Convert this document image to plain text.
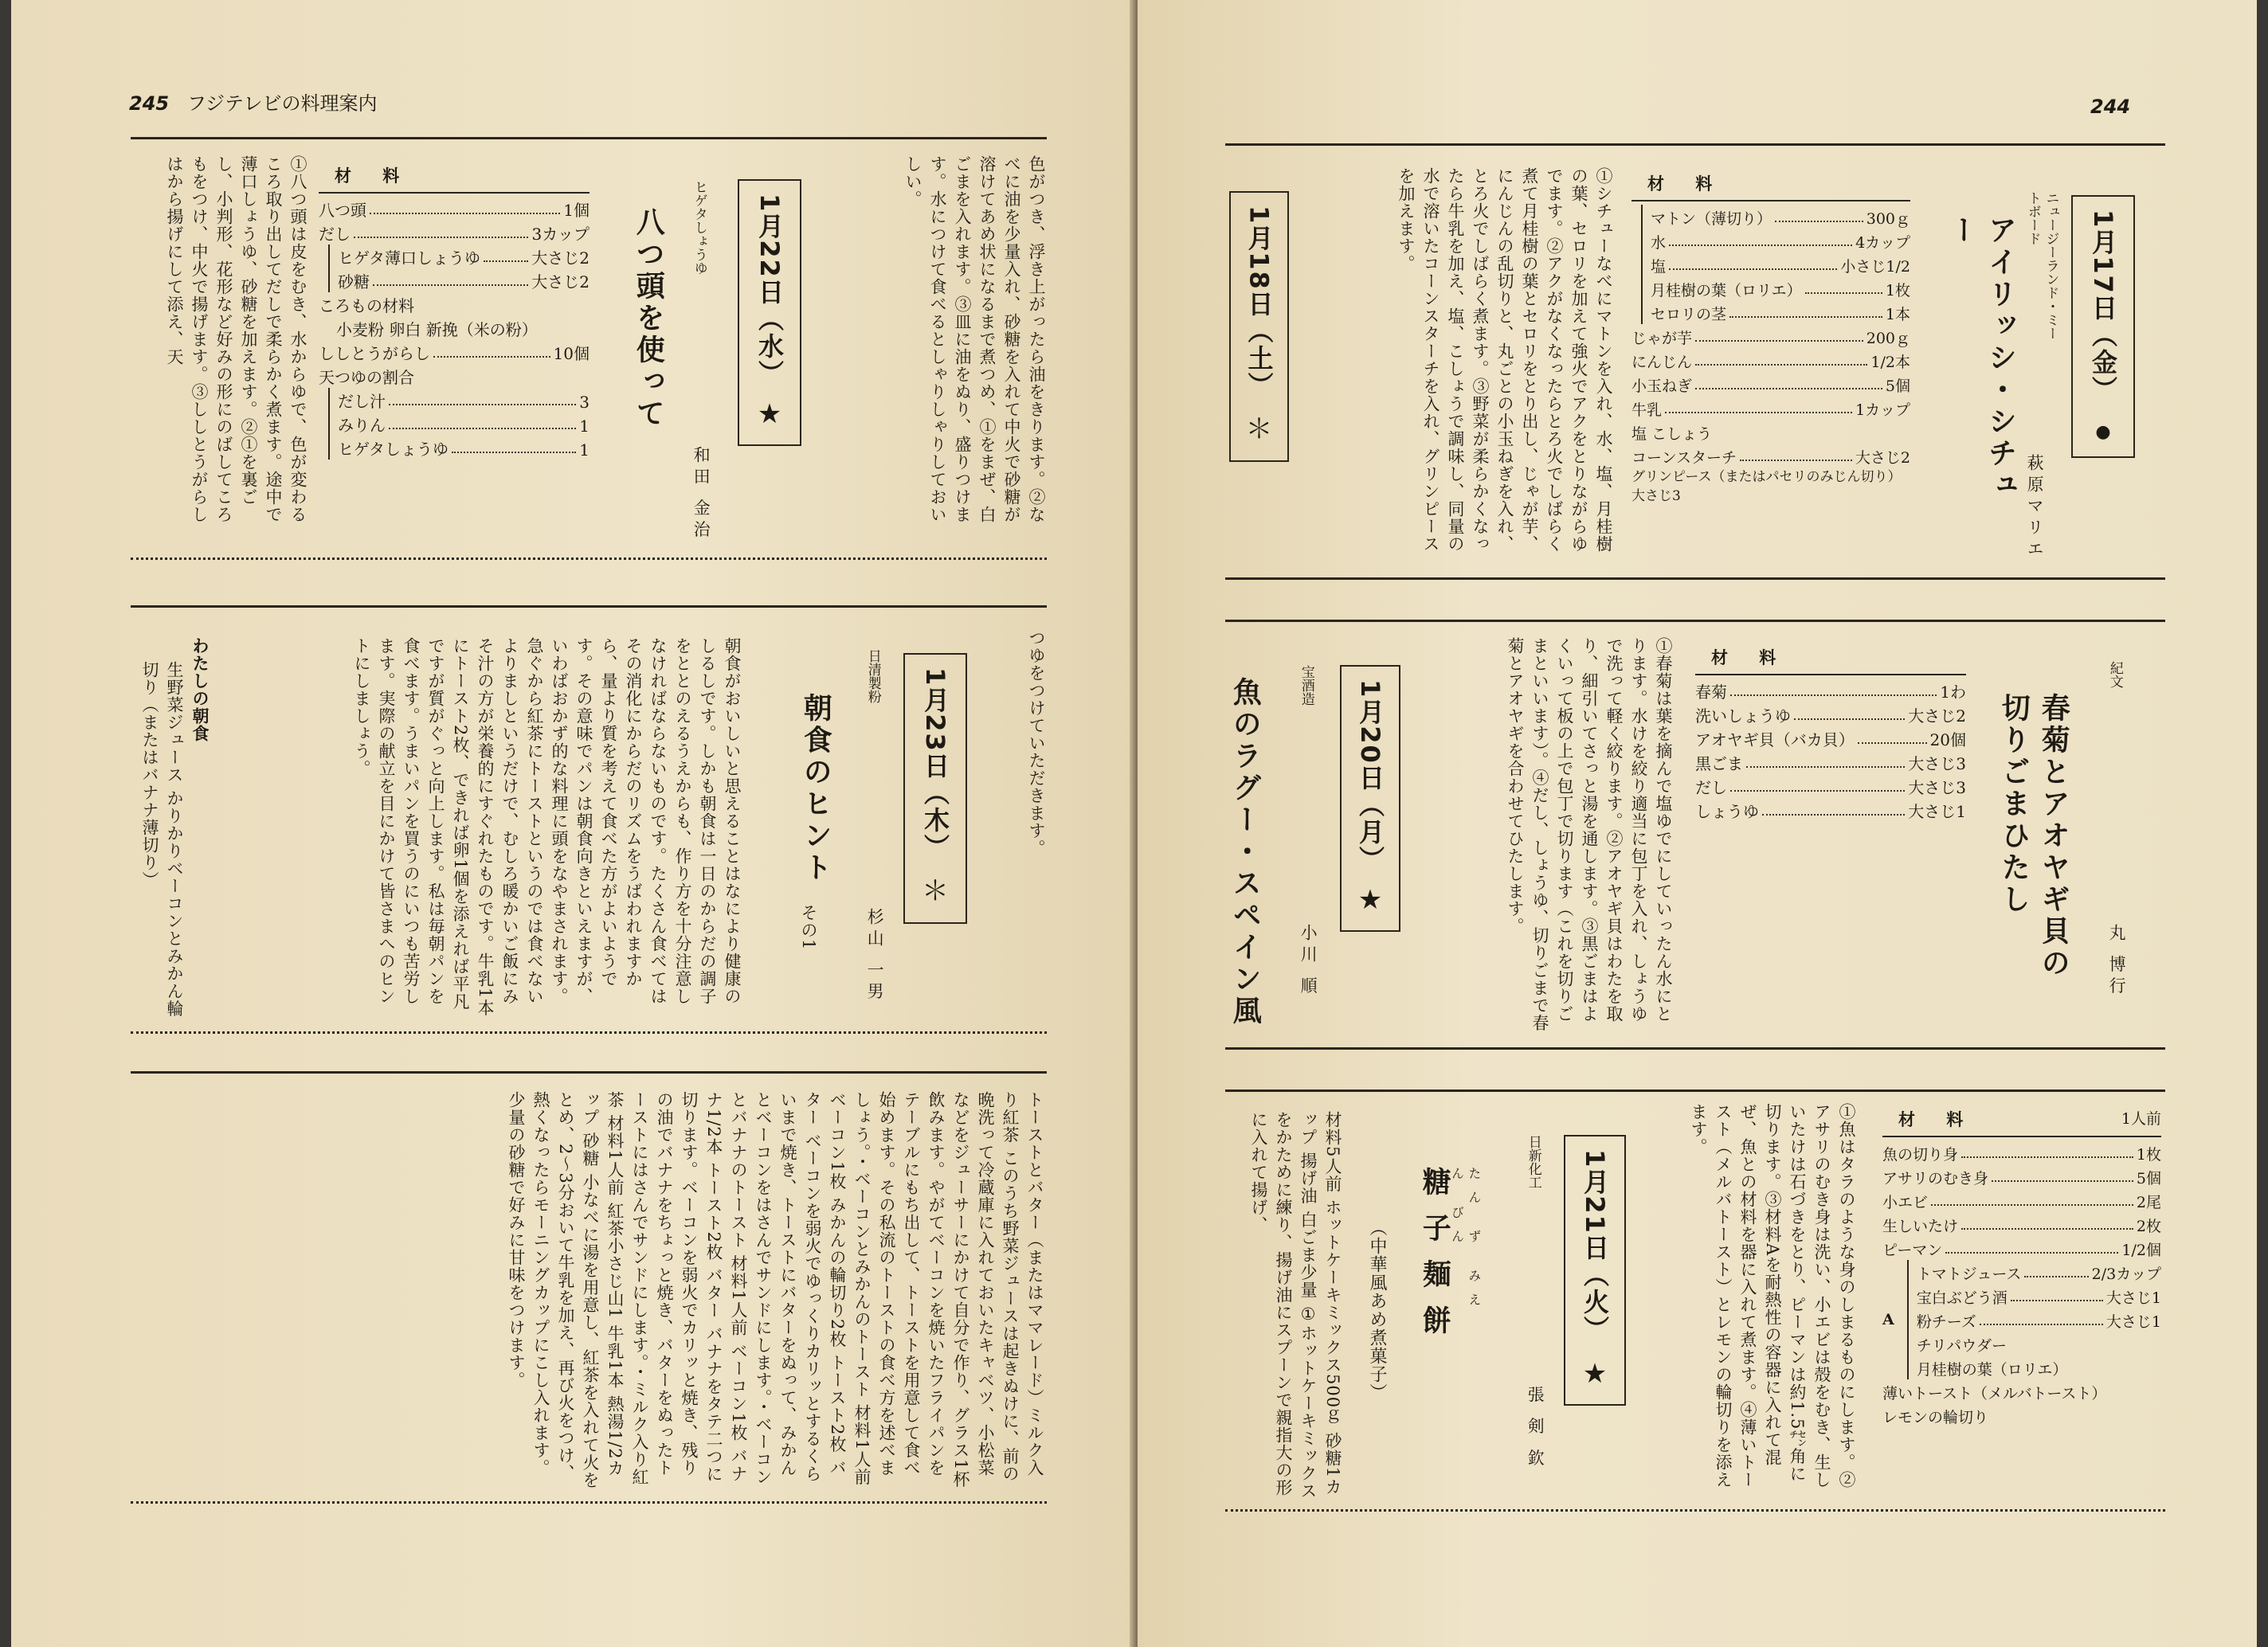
245 フジテレビの料理案内
色がつき、浮き上がったら油をきります。②なべに油を少量入れ、砂糖を入れて中火で砂糖が溶けてあめ状になるまで煮つめ、①をまぜ、白ごまを入れます。③皿に油をぬり、盛りつけます。水につけて食べるとしゃりしゃりしておいしい。
1月22日（水）
★
ヒゲタしょうゆ
和田 金治
八つ頭を使って
材 料
八つ頭	1個
だし	3カップ
ヒゲタ薄口しょうゆ	大さじ2
砂糖	大さじ2
ころもの材料
小麦粉 卵白 新挽（米の粉）
ししとうがらし	10個
天つゆの割合
だし汁	3
みりん	1
ヒゲタしょうゆ	1
①八つ頭は皮をむき、水からゆで、色が変わるころ取り出してだしで柔らかく煮ます。途中で薄口しょうゆ、砂糖を加えます。②①を裏ごし、小判形、花形など好みの形にのばしてころもをつけ、中火で揚げます。③ししとうがらしはから揚げにして添え、天
つゆをつけていただきます。
1月23日（木）
＊
日清製粉
杉山 一男
朝食のヒント
その1
朝食がおいしいと思えることはなにより健康のしるしです。しかも朝食は一日のからだの調子をととのえるうえからも、作り方を十分注意しなければならないものです。たくさん食べてはその消化にからだのリズムをうばわれますから、量より質を考えて食べた方がよいようです。その意味でパンは朝食向きといえますが、いわばおかず的な料理に頭をなやまされます。急ぐから紅茶にトーストというのでは食べないよりましというだけで、むしろ暖かいご飯にみそ汁の方が栄養的にすぐれたものです。牛乳1本にトースト2枚、できれば卵1個を添えれば平凡ですが質がぐっと向上します。私は毎朝パンを食べます。うまいパンを買うのにいつも苦労します。実際の献立を目にかけて皆さまへのヒントにしましょう。
わたしの朝食
生野菜ジュース かりかりベーコンとみかん輪切り（またはバナナ薄切り）
トーストとバター（またはママレード）ミルク入り紅茶 このうち野菜ジュースは起きぬけに、前の晩洗って冷蔵庫に入れておいたキャベツ、小松菜などをジューサーにかけて自分で作り、グラス1杯飲みます。やがてベーコンを焼いたフライパンをテーブルにもち出して、トーストを用意して食べ始めます。その私流のトーストの食べ方を述べましょう。・ベーコンとみかんのトースト 材料1人前 ベーコン1枚 みかんの輪切り2枚 トースト2枚 バター ベーコンを弱火でゆっくりカリッとするくらいまで焼き、トーストにバターをぬって、みかんとベーコンをはさんでサンドにします。・ベーコンとバナナのトースト 材料1人前 ベーコン1枚 バナナ1/2本 トースト2枚 バター バナナをタテ二つに切ります。ベーコンを弱火でカリッと焼き、残りの油でバナナをちょっと焼き、バターをぬったトーストにはさんでサンドにします。・ミルク入り紅茶 材料1人前 紅茶小さじ山1 牛乳1本 熱湯1/2カップ 砂糖 小なべに湯を用意し、紅茶を入れて火をとめ、2～3分おいて牛乳を加え、再び火をつけ、熱くなったらモーニングカップにこし入れます。少量の砂糖で好みに甘味をつけます。
244
1月17日（金）
●
ニュージーランド・ミートボード
萩原マリエ
アイリッシ・シチュー
材 料
マトン（薄切り）	300ｇ
水	4カップ
塩	小さじ1/2
月桂樹の葉（ロリエ）	1枚
セロリの茎	1本
じゃが芋	200ｇ
にんじん	1/2本
小玉ねぎ	5個
牛乳	1カップ
塩 こしょう
コーンスターチ	大さじ2
グリンピース（またはパセリのみじん切り） 大さじ3
1月18日（土）
＊	①シチューなべにマトンを入れ、水、塩、月桂樹の葉、セロリを加えて強火でアクをとりながらゆでます。②アクがなくなったらとろ火でしばらく煮て月桂樹の葉とセロリをとり出し、じゃが芋、にんじんの乱切りと、丸ごとの小玉ねぎを入れ、とろ火でしばらく煮ます。③野菜が柔らかくなったら牛乳を加え、塩、こしょうで調味し、同量の水で溶いたコーンスターチを入れ、グリンピースを加えます。
紀文
丸 博行
春菊とアオヤギ貝の
切りごまひたし
材 料
春菊	1わ
洗いしょうゆ	大さじ2
アオヤギ貝（バカ貝）	20個
黒ごま	大さじ3
だし	大さじ3
しょうゆ	大さじ1
①春菊は葉を摘んで塩ゆでにしていったん水にとります。水けを絞り適当に包丁を入れ、しょうゆで洗って軽く絞ります。②アオヤギ貝はわたを取り、細引いてさっと湯を通します。③黒ごまはよくいって板の上で包丁で切ります（これを切りごまといいます）。④だし、しょうゆ、切りごまで春菊とアオヤギを合わせてひたします。
1月20日（月）
★
宝酒造
小川 順
魚のラグー・スペイン風
材 料	1人前
魚の切り身	1枚
アサリのむき身	5個
小エビ	2尾
生しいたけ	2枚
ピーマン	1/2個
A
トマトジュース	2/3カップ
宝白ぶどう酒	大さじ1
粉チーズ	大さじ1
チリパウダー
月桂樹の葉（ロリエ）
薄いトースト（メルバトースト）
レモンの輪切り
①魚はタラのような身のしまるものにします。②アサリのむき身は洗い、小エビは殻をむき、生しいたけは石づきをとり、ピーマンは約1.5㌢角に切ります。③材料Aを耐熱性の容器に入れて混ぜ、魚との材料を器に入れて煮ます。④薄いトースト（メルバトースト）とレモンの輪切りを添えます。
1月21日（火）
★
日新化工
張 剣 欽
たん ず みえん びん
糖子麺餅
（中華風あめ煮菓子）
材料5人前 ホットケーキミックス500ｇ 砂糖1カップ 揚げ油 白ごま少量 ①ホットケーキミックスをかために練り、揚げ油にスプーンで親指大の形に入れて揚げ、
